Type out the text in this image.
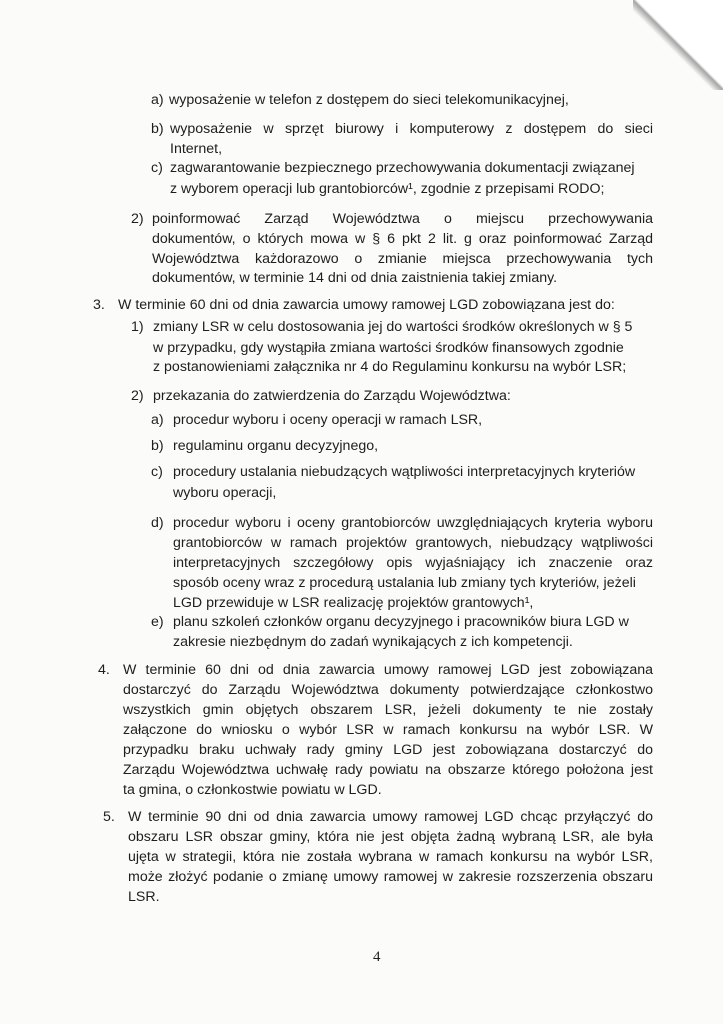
a) wyposażenie w telefon z dostępem do sieci telekomunikacyjnej,
b) wyposażenie w sprzęt biurowy i komputerowy z dostępem do sieci
Internet,
c) zagwarantowanie bezpiecznego przechowywania dokumentacji związanej
z wyborem operacji lub grantobiorców¹, zgodnie z przepisami RODO;
2) poinformować Zarząd Województwa o miejscu przechowywania
dokumentów, o których mowa w § 6 pkt 2 lit. g oraz poinformować Zarząd
Województwa każdorazowo o zmianie miejsca przechowywania tych
dokumentów, w terminie 14 dni od dnia zaistnienia takiej zmiany.
3. W terminie 60 dni od dnia zawarcia umowy ramowej LGD zobowiązana jest do:
1) zmiany LSR w celu dostosowania jej do wartości środków określonych w § 5
w przypadku, gdy wystąpiła zmiana wartości środków finansowych zgodnie
z postanowieniami załącznika nr 4 do Regulaminu konkursu na wybór LSR;
2) przekazania do zatwierdzenia do Zarządu Województwa:
a) procedur wyboru i oceny operacji w ramach LSR,
b) regulaminu organu decyzyjnego,
c) procedury ustalania niebudzących wątpliwości interpretacyjnych kryteriów
wyboru operacji,
d) procedur wyboru i oceny grantobiorców uwzględniających kryteria wyboru
grantobiorców w ramach projektów grantowych, niebudzący wątpliwości
interpretacyjnych szczegółowy opis wyjaśniający ich znaczenie oraz
sposób oceny wraz z procedurą ustalania lub zmiany tych kryteriów, jeżeli
LGD przewiduje w LSR realizację projektów grantowych¹,
e) planu szkoleń członków organu decyzyjnego i pracowników biura LGD w
zakresie niezbędnym do zadań wynikających z ich kompetencji.
4. W terminie 60 dni od dnia zawarcia umowy ramowej LGD jest zobowiązana
dostarczyć do Zarządu Województwa dokumenty potwierdzające członkostwo
wszystkich gmin objętych obszarem LSR, jeżeli dokumenty te nie zostały
załączone do wniosku o wybór LSR w ramach konkursu na wybór LSR. W
przypadku braku uchwały rady gminy LGD jest zobowiązana dostarczyć do
Zarządu Województwa uchwałę rady powiatu na obszarze którego położona jest
ta gmina, o członkostwie powiatu w LGD.
5. W terminie 90 dni od dnia zawarcia umowy ramowej LGD chcąc przyłączyć do
obszaru LSR obszar gminy, która nie jest objęta żadną wybraną LSR, ale była
ujęta w strategii, która nie została wybrana w ramach konkursu na wybór LSR,
może złożyć podanie o zmianę umowy ramowej w zakresie rozszerzenia obszaru
LSR.
4
